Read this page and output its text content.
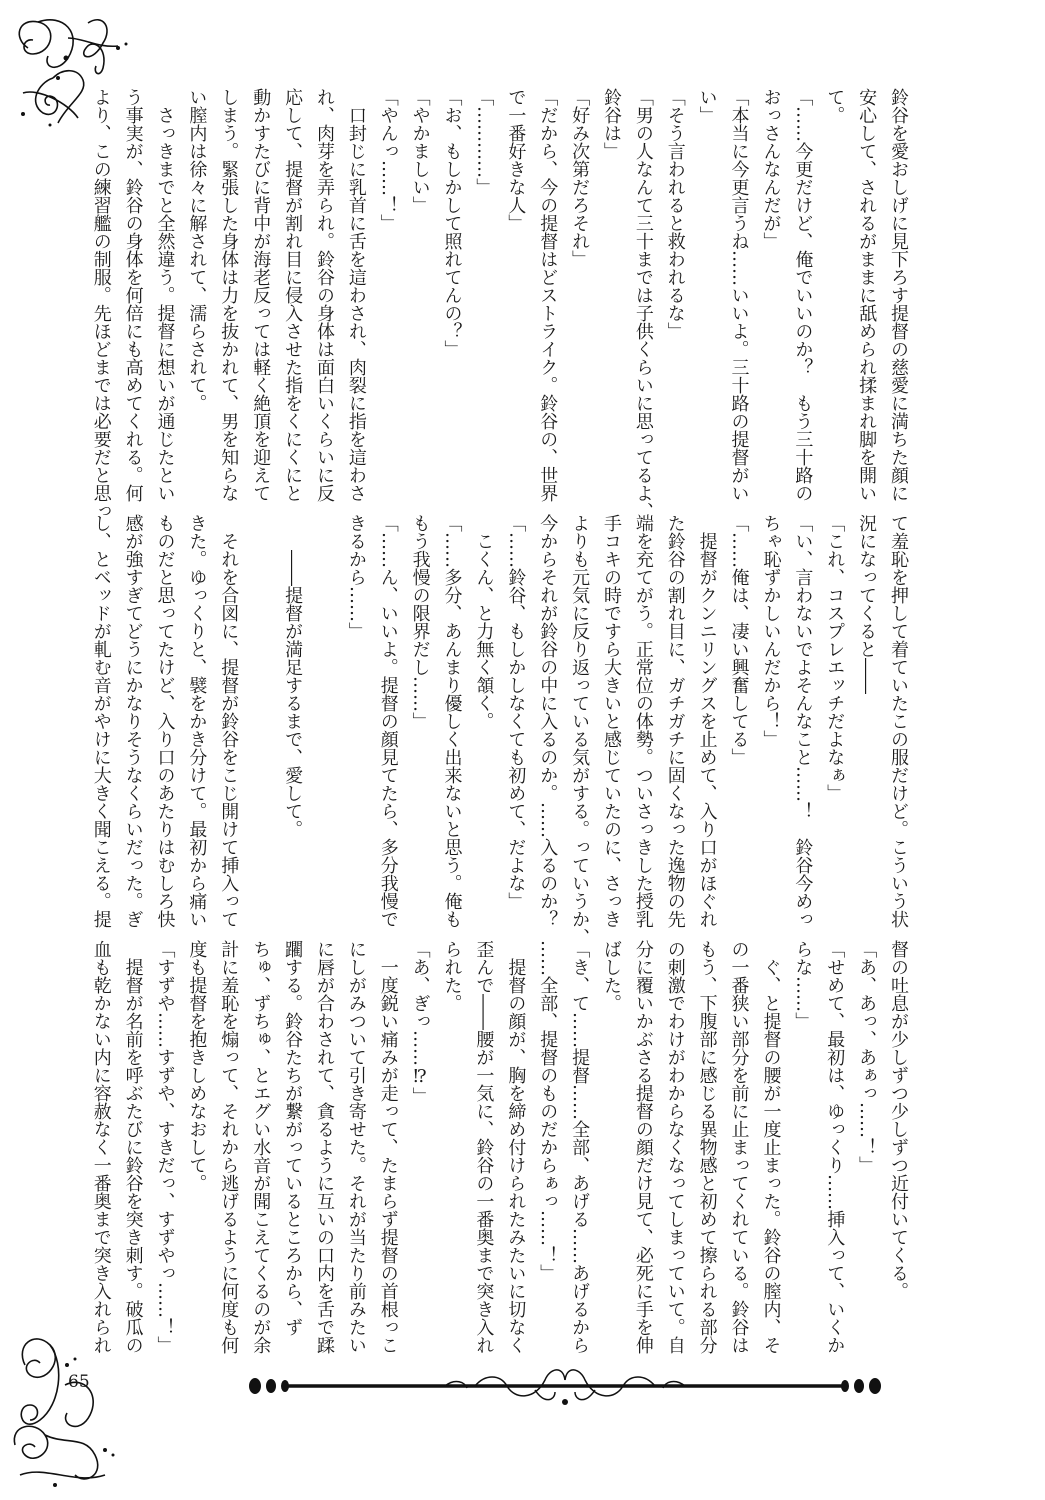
65
鈴谷を愛おしげに見下ろす提督の慈愛に満ちた顔に
安心して、されるがままに舐められ揉まれ脚を開い
て。
「……今更だけど、俺でいいのか？　もう三十路の
おっさんなんだが」
「本当に今更言うね……いいよ。三十路の提督がい
い」
「そう言われると救われるな」
「男の人なんて三十までは子供くらいに思ってるよ、
鈴谷は」
「好み次第だろそれ」
「だから、今の提督はどストライク。鈴谷の、世界
で一番好きな人」
「…………」
「お、もしかして照れてんの？」
「やかましい」
「やんっ……！」
　口封じに乳首に舌を這わされ、肉裂に指を這わさ
れ、肉芽を弄られ。鈴谷の身体は面白いくらいに反
応して、提督が割れ目に侵入させた指をくにくにと
動かすたびに背中が海老反っては軽く絶頂を迎えて
しまう。緊張した身体は力を抜かれて、男を知らな
い膣内は徐々に解されて、濡らされて。
　さっきまでと全然違う。提督に想いが通じたとい
う事実が、鈴谷の身体を何倍にも高めてくれる。何
より、この練習艦の制服。先ほどまでは必要だと思っ
て羞恥を押して着ていたこの服だけど。こういう状
況になってくると――
「これ、コスプレエッチだよなぁ」
「い、言わないでよそんなこと……！　鈴谷今めっ
ちゃ恥ずかしいんだから！」
「……俺は、凄い興奮してる」
　提督がクンニリングスを止めて、入り口がほぐれ
た鈴谷の割れ目に、ガチガチに固くなった逸物の先
端を充てがう。正常位の体勢。ついさっきした授乳
手コキの時ですら大きいと感じていたのに、さっき
よりも元気に反り返っている気がする。っていうか、
今からそれが鈴谷の中に入るのか。……入るのか？
「……鈴谷、もしかしなくても初めて、だよな」
　こくん、と力無く頷く。
「……多分、あんまり優しく出来ないと思う。俺も
もう我慢の限界だし……」
「……ん、いいよ。提督の顔見てたら、多分我慢で
きるから……」
　　――提督が満足するまで、愛して。
　それを合図に、提督が鈴谷をこじ開けて挿入って
きた。ゆっくりと、襞をかき分けて。最初から痛い
ものだと思ってたけど、入り口のあたりはむしろ快
感が強すぎてどうにかなりそうなくらいだった。ぎ
し、とベッドが軋む音がやけに大きく聞こえる。提
督の吐息が少しずつ少しずつ近付いてくる。
「あ、あっ、あぁっ……！」
「せめて、最初は、ゆっくり……挿入って、いくか
らな……」
　ぐ、と提督の腰が一度止まった。鈴谷の膣内、そ
の一番狭い部分を前に止まってくれている。鈴谷は
もう、下腹部に感じる異物感と初めて擦られる部分
の刺激でわけがわからなくなってしまっていて。自
分に覆いかぶさる提督の顔だけ見て、必死に手を伸
ばした。
「き、て……提督……全部、あげる……あげるから
……全部、提督のものだからぁっ……！」
　提督の顔が、胸を締め付けられたみたいに切なく
歪んで――腰が一気に、鈴谷の一番奥まで突き入れ
られた。
「あ、ぎっ……⁉」
　一度鋭い痛みが走って、たまらず提督の首根っこ
にしがみついて引き寄せた。それが当たり前みたい
に唇が合わされて、貪るように互いの口内を舌で蹂
躙する。鈴谷たちが繋がっているところから、ず
ちゅ、ずちゅ、とエグい水音が聞こえてくるのが余
計に羞恥を煽って、それから逃げるように何度も何
度も提督を抱きしめなおして。
「すずや……すずや、すきだっ、すずやっ……！」
　提督が名前を呼ぶたびに鈴谷を突き刺す。破瓜の
血も乾かない内に容赦なく一番奥まで突き入れられ
